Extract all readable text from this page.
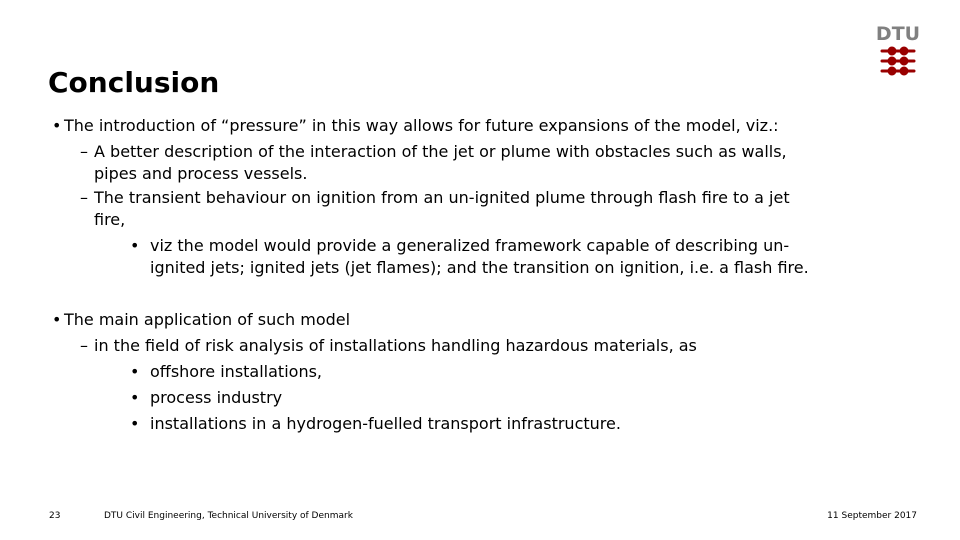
Conclusion
DTU
• The introduction of “pressure” in this way allows for future expansions of the model, viz.:
– A better description of the interaction of the jet or plume with obstacles such as walls,
pipes and process vessels.
– The transient behaviour on ignition from an un-ignited plume through flash fire to a jet
fire,
• viz the model would provide a generalized framework capable of describing un-
ignited jets; ignited jets (jet flames); and the transition on ignition, i.e. a flash fire.
• The main application of such model
– in the field of risk analysis of installations handling hazardous materials, as
• offshore installations,
• process industry
• installations in a hydrogen-fuelled transport infrastructure.
23	DTU Civil Engineering, Technical University of Denmark	11 September 2017
